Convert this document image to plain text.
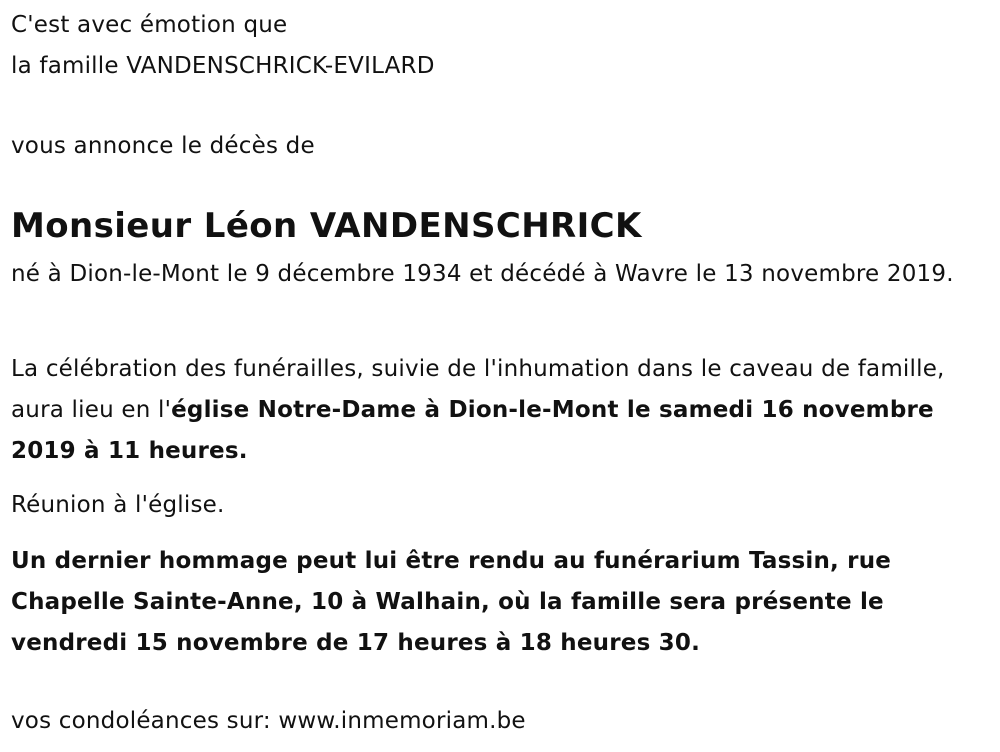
C'est avec émotion que
la famille VANDENSCHRICK-EVILARD
vous annonce le décès de
Monsieur Léon VANDENSCHRICK
né à Dion-le-Mont le 9 décembre 1934 et décédé à Wavre le 13 novembre 2019.
La célébration des funérailles, suivie de l'inhumation dans le caveau de famille, aura lieu en l'église Notre-Dame à Dion-le-Mont le samedi 16 novembre 2019 à 11 heures.
Réunion à l'église.
Un dernier hommage peut lui être rendu au funérarium Tassin, rue Chapelle Sainte-Anne, 10 à Walhain, où la famille sera présente le vendredi 15 novembre de 17 heures à 18 heures 30.
vos condoléances sur: www.inmemoriam.be
